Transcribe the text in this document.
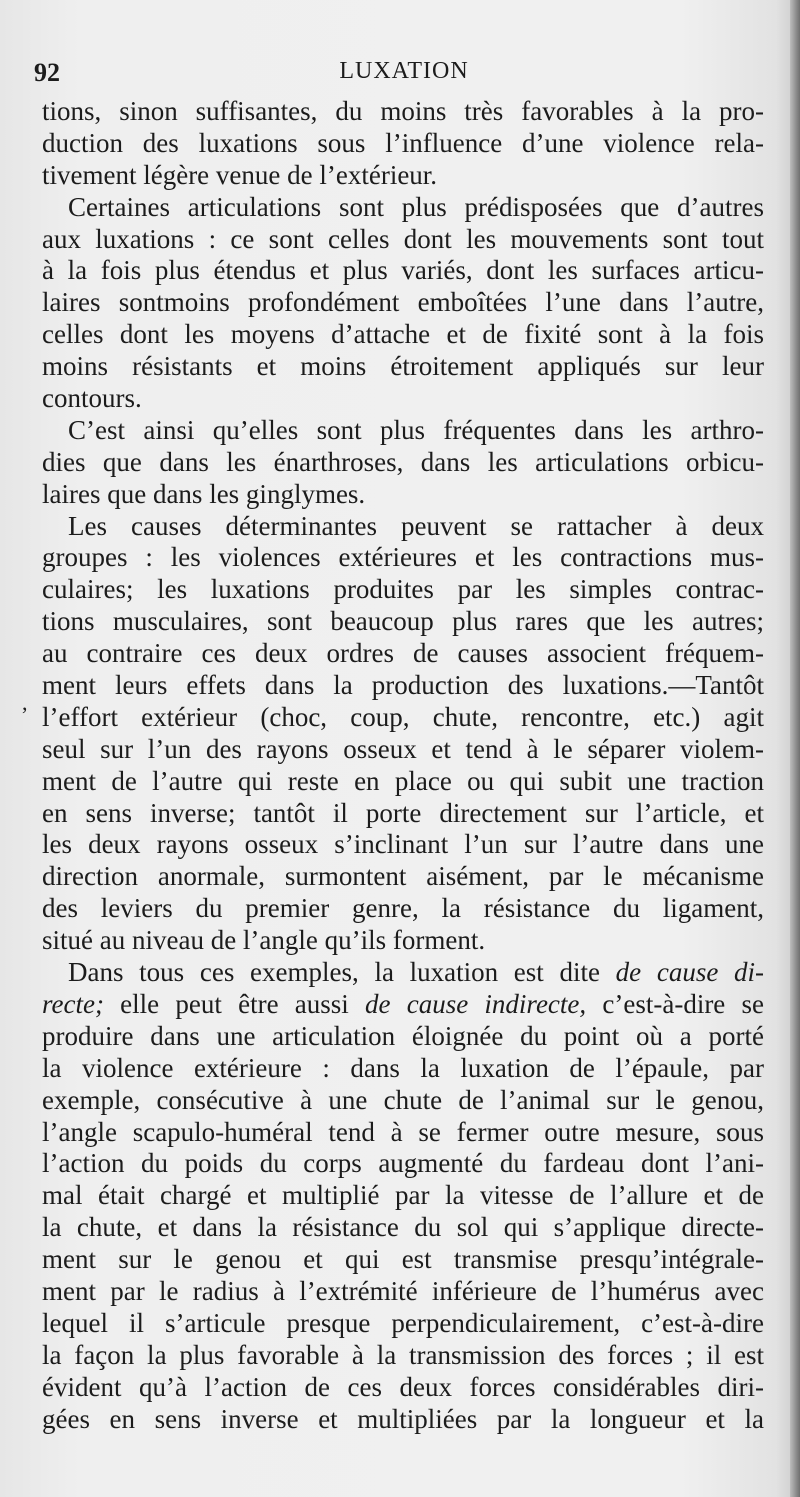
92	LUXATION
,
tions, sinon suffisantes, du moins très favorables à la pro-
duction des luxations sous l’influence d’une violence rela-
tivement légère venue de l’extérieur.
Certaines articulations sont plus prédisposées que d’autres
aux luxations : ce sont celles dont les mouvements sont tout
à la fois plus étendus et plus variés, dont les surfaces articu-
laires sontmoins profondément emboîtées l’une dans l’autre,
celles dont les moyens d’attache et de fixité sont à la fois
moins résistants et moins étroitement appliqués sur leur
contours.
C’est ainsi qu’elles sont plus fréquentes dans les arthro-
dies que dans les énarthroses, dans les articulations orbicu-
laires que dans les ginglymes.
Les causes déterminantes peuvent se rattacher à deux
groupes : les violences extérieures et les contractions mus-
culaires; les luxations produites par les simples contrac-
tions musculaires, sont beaucoup plus rares que les autres;
au contraire ces deux ordres de causes associent fréquem-
ment leurs effets dans la production des luxations.—Tantôt
l’effort extérieur (choc, coup, chute, rencontre, etc.) agit
seul sur l’un des rayons osseux et tend à le séparer violem-
ment de l’autre qui reste en place ou qui subit une traction
en sens inverse; tantôt il porte directement sur l’article, et
les deux rayons osseux s’inclinant l’un sur l’autre dans une
direction anormale, surmontent aisément, par le mécanisme
des leviers du premier genre, la résistance du ligament,
situé au niveau de l’angle qu’ils forment.
Dans tous ces exemples, la luxation est dite de cause di-
recte; elle peut être aussi de cause indirecte, c’est-à-dire se
produire dans une articulation éloignée du point où a porté
la violence extérieure : dans la luxation de l’épaule, par
exemple, consécutive à une chute de l’animal sur le genou,
l’angle scapulo-huméral tend à se fermer outre mesure, sous
l’action du poids du corps augmenté du fardeau dont l’ani-
mal était chargé et multiplié par la vitesse de l’allure et de
la chute, et dans la résistance du sol qui s’applique directe-
ment sur le genou et qui est transmise presqu’intégrale-
ment par le radius à l’extrémité inférieure de l’humérus avec
lequel il s’articule presque perpendiculairement, c’est-à-dire
la façon la plus favorable à la transmission des forces ; il est
évident qu’à l’action de ces deux forces considérables diri-
gées en sens inverse et multipliées par la longueur et la
